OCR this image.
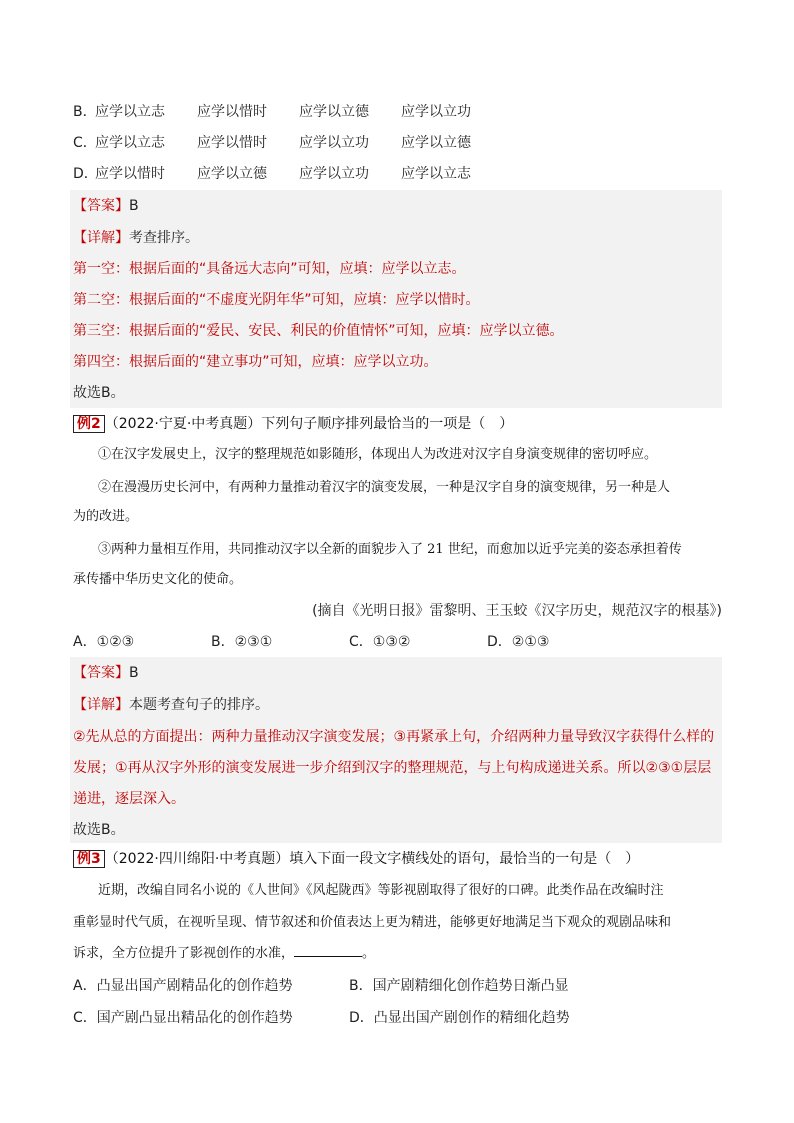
B．
应学以立志 应学以惜时 应学以立德 应学以立功
C．
应学以立志 应学以惜时 应学以立功 应学以立德
D．
应学以惜时 应学以立德 应学以立功 应学以立志
【答案】B
【详解】考查排序。
第一空：根据后面的“具备远大志向”可知，应填：应学以立志。
第二空：根据后面的“不虚度光阴年华”可知，应填：应学以惜时。
第三空：根据后面的“爱民、安民、利民的价值情怀”可知，应填：应学以立德。
第四空：根据后面的“建立事功”可知，应填：应学以立功。
故选B。
例2 （2022·宁夏·中考真题）下列句子顺序排列最恰当的一项是（　）
①在汉字发展史上，汉字的整理规范如影随形，体现出人为改进对汉字自身演变规律的密切呼应。
②在漫漫历史长河中，有两种力量推动着汉字的演变发展，一种是汉字自身的演变规律，另一种是人
为的改进。
③两种力量相互作用，共同推动汉字以全新的面貌步入了 21 世纪，而愈加以近乎完美的姿态承担着传
承传播中华历史文化的使命。
(摘自《光明日报》雷黎明、王玉蛟《汉字历史，规范汉字的根基》)
A．①②③	B．②③①	C．①③②	D．②①③
【答案】B
【详解】本题考查句子的排序。
②先从总的方面提出：两种力量推动汉字演变发展；③再紧承上句，介绍两种力量导致汉字获得什么样的
发展；①再从汉字外形的演变发展进一步介绍到汉字的整理规范，与上句构成递进关系。所以②③①层层
递进，逐层深入。
故选B。
例3 （2022·四川绵阳·中考真题）填入下面一段文字横线处的语句，最恰当的一句是（　）
近期，改编自同名小说的《人世间》《风起陇西》等影视剧取得了很好的口碑。此类作品在改编时注
重彰显时代气质，在视听呈现、情节叙述和价值表达上更为精进，能够更好地满足当下观众的观剧品味和
诉求，全方位提升了影视创作的水准，	。
A．凸显出国产剧精品化的创作趋势	B．国产剧精细化创作趋势日渐凸显
C．国产剧凸显出精品化的创作趋势	D．凸显出国产剧创作的精细化趋势
